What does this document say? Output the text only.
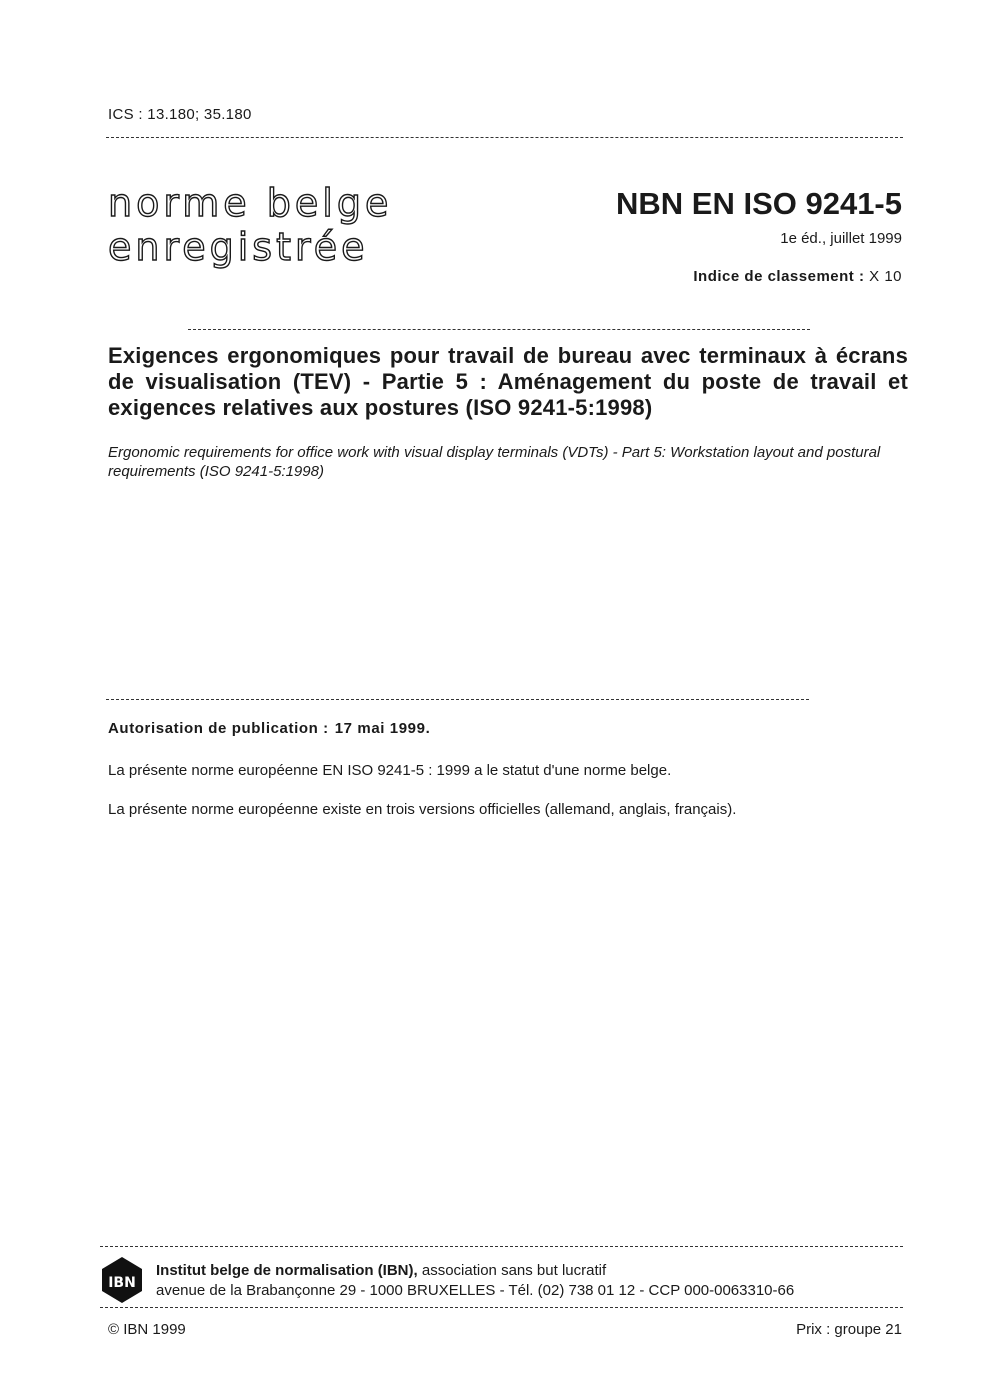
ICS : 13.180; 35.180
norme belge
enregistrée
NBN EN ISO 9241-5
1e éd., juillet 1999
Indice de classement : X 10
Exigences ergonomiques pour travail de bureau avec terminaux à écrans de visualisation (TEV) - Partie 5 : Aménagement du poste de travail et exigences relatives aux postures (ISO 9241-5:1998)
Ergonomic requirements for office work with visual display terminals (VDTs) - Part 5: Workstation layout and postural requirements (ISO 9241-5:1998)
Autorisation de publication : 17 mai 1999.
La présente norme européenne EN ISO 9241-5 : 1999 a le statut d'une norme belge.
La présente norme européenne existe en trois versions officielles (allemand, anglais, français).
IBN
Institut belge de normalisation (IBN), association sans but lucratif
avenue de la Brabançonne 29 - 1000 BRUXELLES - Tél. (02) 738 01 12 - CCP 000-0063310-66
© IBN 1999	Prix : groupe 21
